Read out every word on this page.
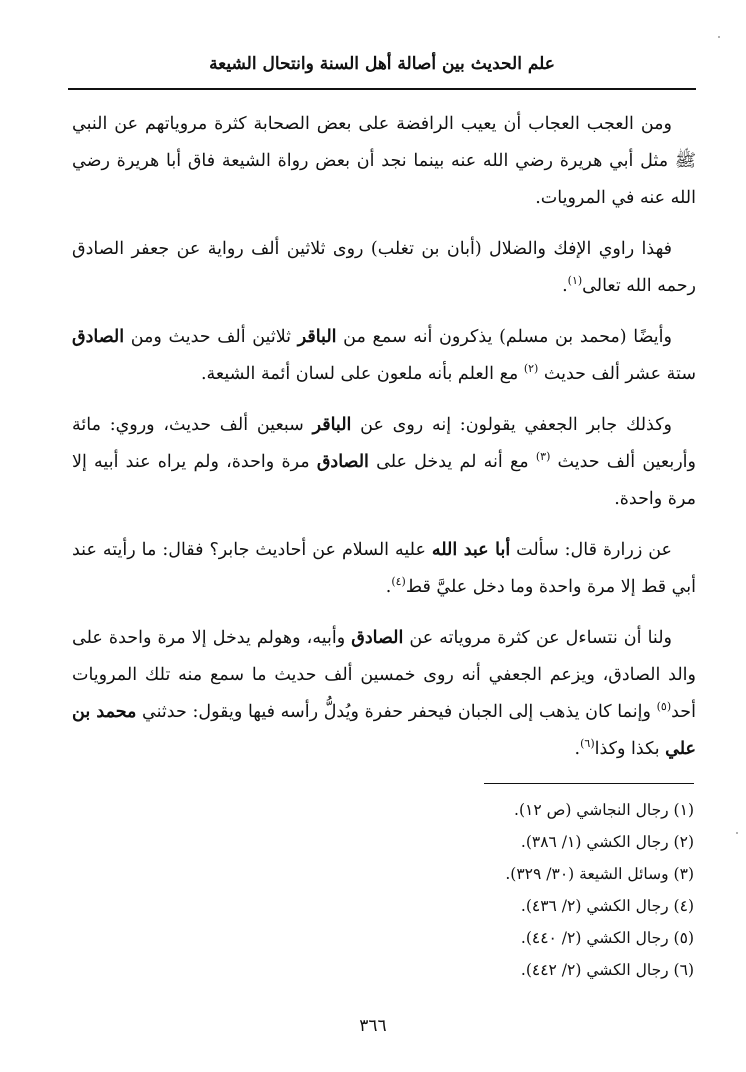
علم الحديث بين أصالة أهل السنة وانتحال الشيعة

ومن العجب العجاب أن يعيب الرافضة على بعض الصحابة كثرة مروياتهم عن النبي ﷺ مثل أبي هريرة رضي الله عنه بينما نجد أن بعض رواة الشيعة فاق أبا هريرة رضي الله عنه في المرويات.

فهذا راوي الإفك والضلال (أبان بن تغلب) روى ثلاثين ألف رواية عن جعفر الصادق رحمه الله تعالى$^{(١)}$.

وأيضًا (محمد بن مسلم) يذكرون أنه سمع من الباقر ثلاثين ألف حديث ومن الصادق ستة عشر ألف حديث $^{(٢)}$ مع العلم بأنه ملعون على لسان أئمة الشيعة.

وكذلك جابر الجعفي يقولون: إنه روى عن الباقر سبعين ألف حديث، وروي: مائة وأربعين ألف حديث $^{(٣)}$ مع أنه لم يدخل على الصادق مرة واحدة، ولم يراه عند أبيه إلا مرة واحدة.

عن زرارة قال: سألت أبا عبد الله عليه السلام عن أحاديث جابر؟ فقال: ما رأيته عند أبي قط إلا مرة واحدة وما دخل عليَّ قط$^{(٤)}$.

ولنا أن نتساءل عن كثرة مروياته عن الصادق وأبيه، وهولم يدخل إلا مرة واحدة على والد الصادق، ويزعم الجعفي أنه روى خمسين ألف حديث ما سمع منه تلك المرويات أحد$^{(٥)}$ وإنما كان يذهب إلى الجبان فيحفر حفرة ويُدلُّ رأسه فيها ويقول: حدثني محمد بن علي بكذا وكذا$^{(٦)}$.

(١) رجال النجاشي (ص ١٢).
(٢) رجال الكشي (١/ ٣٨٦).
(٣) وسائل الشيعة (٣٠/ ٣٢٩).
(٤) رجال الكشي (٢/ ٤٣٦).
(٥) رجال الكشي (٢/ ٤٤٠).
(٦) رجال الكشي (٢/ ٤٤٢).
٣٦٦
